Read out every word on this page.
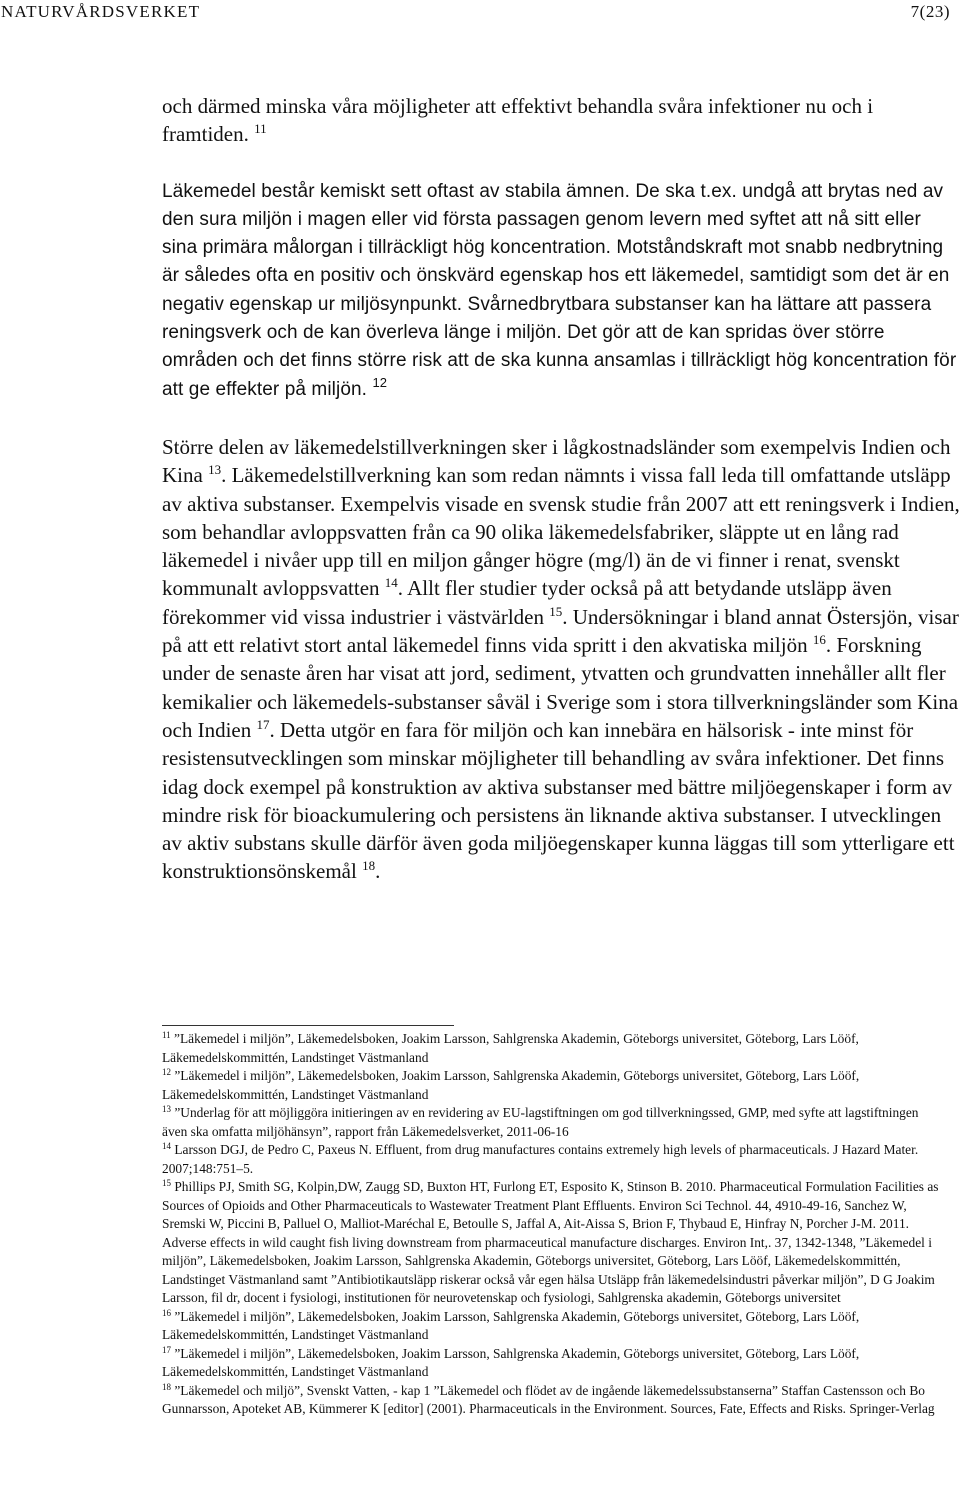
NATURVÅRDSVERKET	7(23)

och därmed minska våra möjligheter att effektivt behandla svåra infektioner nu och i framtiden. $^{11}$

Läkemedel består kemiskt sett oftast av stabila ämnen. De ska t.ex. undgå att brytas ned av den sura miljön i magen eller vid första passagen genom levern med syftet att nå sitt eller sina primära målorgan i tillräckligt hög koncentration. Motståndskraft mot snabb nedbrytning är således ofta en positiv och önskvärd egenskap hos ett läkemedel, samtidigt som det är en negativ egenskap ur miljösynpunkt. Svårnedbrytbara substanser kan ha lättare att passera reningsverk och de kan överleva länge i miljön. Det gör att de kan spridas över större områden och det finns större risk att de ska kunna ansamlas i tillräckligt hög koncentration för att ge effekter på miljön. $^{12}$

Större delen av läkemedelstillverkningen sker i lågkostnadsländer som exempelvis Indien och Kina $^{13}$. Läkemedelstillverkning kan som redan nämnts i vissa fall leda till omfattande utsläpp av aktiva substanser. Exempelvis visade en svensk studie från 2007 att ett reningsverk i Indien, som behandlar avloppsvatten från ca 90 olika läkemedelsfabriker, släppte ut en lång rad läkemedel i nivåer upp till en miljon gånger högre (mg/l) än de vi finner i renat, svenskt kommunalt avloppsvatten $^{14}$. Allt fler studier tyder också på att betydande utsläpp även förekommer vid vissa industrier i västvärlden $^{15}$. Undersökningar i bland annat Östersjön, visar på att ett relativt stort antal läkemedel finns vida spritt i den akvatiska miljön $^{16}$. Forskning under de senaste åren har visat att jord, sediment, ytvatten och grundvatten innehåller allt fler kemikalier och läkemedels-substanser såväl i Sverige som i stora tillverkningsländer som Kina och Indien $^{17}$. Detta utgör en fara för miljön och kan innebära en hälsorisk - inte minst för resistensutvecklingen som minskar möjligheter till behandling av svåra infektioner. Det finns idag dock exempel på konstruktion av aktiva substanser med bättre miljöegenskaper i form av mindre risk för bioackumulering och persistens än liknande aktiva substanser. I utvecklingen av aktiv substans skulle därför även goda miljöegenskaper kunna läggas till som ytterligare ett konstruktionsönskemål $^{18}$.

$^{11}$ ”Läkemedel i miljön”, Läkemedelsboken, Joakim Larsson, Sahlgrenska Akademin, Göteborgs universitet, Göteborg, Lars Lööf, Läkemedelskommittén, Landstinget Västmanland

$^{12}$ ”Läkemedel i miljön”, Läkemedelsboken, Joakim Larsson, Sahlgrenska Akademin, Göteborgs universitet, Göteborg, Lars Lööf, Läkemedelskommittén, Landstinget Västmanland

$^{13}$ ”Underlag för att möjliggöra initieringen av en revidering av EU-lagstiftningen om god tillverkningssed, GMP, med syfte att lagstiftningen även ska omfatta miljöhänsyn”, rapport från Läkemedelsverket, 2011-06-16

$^{14}$ Larsson DGJ, de Pedro C, Paxeus N. Effluent, from drug manufactures contains extremely high levels of pharmaceuticals. J Hazard Mater. 2007;148:751–5.

$^{15}$ Phillips PJ, Smith SG, Kolpin,DW, Zaugg SD, Buxton HT, Furlong ET, Esposito K, Stinson B. 2010. Pharmaceutical Formulation Facilities as Sources of Opioids and Other Pharmaceuticals to Wastewater Treatment Plant Effluents. Environ Sci Technol. 44, 4910-49-16, Sanchez W, Sremski W, Piccini B, Palluel O, Malliot-Maréchal E, Betoulle S, Jaffal A, Ait-Aissa S, Brion F, Thybaud E, Hinfray N, Porcher J-M. 2011. Adverse effects in wild caught fish living downstream from pharmaceutical manufacture discharges. Environ Int,. 37, 1342-1348, ”Läkemedel i miljön”, Läkemedelsboken, Joakim Larsson, Sahlgrenska Akademin, Göteborgs universitet, Göteborg, Lars Lööf, Läkemedelskommittén, Landstinget Västmanland samt ”Antibiotikautsläpp riskerar också vår egen hälsa Utsläpp från läkemedelsindustri påverkar miljön”, D G Joakim Larsson, fil dr, docent i fysiologi, institutionen för neurovetenskap och fysiologi, Sahlgrenska akademin, Göteborgs universitet

$^{16}$ ”Läkemedel i miljön”, Läkemedelsboken, Joakim Larsson, Sahlgrenska Akademin, Göteborgs universitet, Göteborg, Lars Lööf, Läkemedelskommittén, Landstinget Västmanland

$^{17}$ ”Läkemedel i miljön”, Läkemedelsboken, Joakim Larsson, Sahlgrenska Akademin, Göteborgs universitet, Göteborg, Lars Lööf, Läkemedelskommittén, Landstinget Västmanland

$^{18}$ ”Läkemedel och miljö”, Svenskt Vatten, - kap 1 ”Läkemedel och flödet av de ingående läkemedelssubstanserna” Staffan Castensson och Bo Gunnarsson, Apoteket AB, Kümmerer K [editor] (2001). Pharmaceuticals in the Environment. Sources, Fate, Effects and Risks. Springer-Verlag
